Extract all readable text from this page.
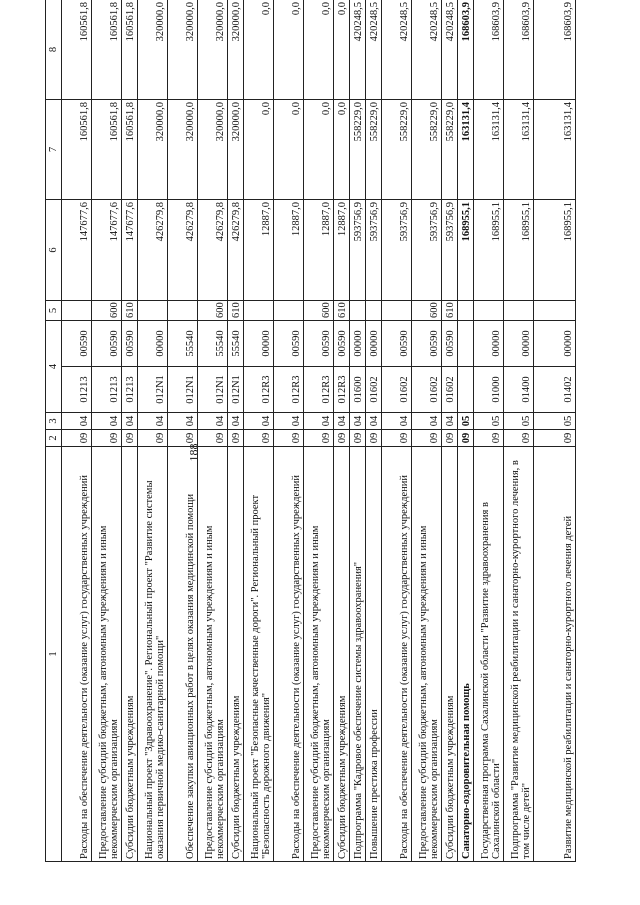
188
1	2	3	4		5	6	7	8
Расходы на обеспечение деятельности (оказание услуг) государственных учреждений	09	04	01213	00590		147677,6	160561,8	160561,8
Предоставление субсидий бюджетным, автономным учреждениям и иным некоммерческим организациям	09	04	01213	00590	600	147677,6	160561,8	160561,8
Субсидии бюджетным учреждениям	09	04	01213	00590	610	147677,6	160561,8	160561,8
Национальный проект "Здравоохранение". Региональный проект "Развитие системы оказания первичной медико-санитарной помощи"	09	04	012N1	00000		426279,8	320000,0	320000,0
Обеспечение закупки авиационных работ в целях оказания медицинской помощи	09	04	012N1	55540		426279,8	320000,0	320000,0
Предоставление субсидий бюджетным, автономным учреждениям и иным некоммерческим организациям	09	04	012N1	55540	600	426279,8	320000,0	320000,0
Субсидии бюджетным учреждениям	09	04	012N1	55540	610	426279,8	320000,0	320000,0
Национальный проект "Безопасные качественные дороги". Региональный проект "Безопасность дорожного движения"	09	04	012R3	00000		12887,0	0,0	0,0
Расходы на обеспечение деятельности (оказание услуг) государственных учреждений	09	04	012R3	00590		12887,0	0,0	0,0
Предоставление субсидий бюджетным, автономным учреждениям и иным некоммерческим организациям	09	04	012R3	00590	600	12887,0	0,0	0,0
Субсидии бюджетным учреждениям	09	04	012R3	00590	610	12887,0	0,0	0,0
Подпрограмма "Кадровое обеспечение системы здравоохранения"	09	04	01600	00000		593756,9	558229,0	420248,5
Повышение престижа профессии	09	04	01602	00000		593756,9	558229,0	420248,5
Расходы на обеспечение деятельности (оказание услуг) государственных учреждений	09	04	01602	00590		593756,9	558229,0	420248,5
Предоставление субсидий бюджетным, автономным учреждениям и иным некоммерческим организациям	09	04	01602	00590	600	593756,9	558229,0	420248,5
Субсидии бюджетным учреждениям	09	04	01602	00590	610	593756,9	558229,0	420248,5
Санаторно-оздоровительная помощь	09	05				168955,1	163131,4	168603,9
Государственная программа Сахалинской области "Развитие здравоохранения в Сахалинской области"	09	05	01000	00000		168955,1	163131,4	168603,9
Подпрограмма "Развитие медицинской реабилитации и санаторно-курортного лечения, в том числе детей"	09	05	01400	00000		168955,1	163131,4	168603,9
Развитие медицинской реабилитации и санаторно-курортного лечения детей	09	05	01402	00000		168955,1	163131,4	168603,9
